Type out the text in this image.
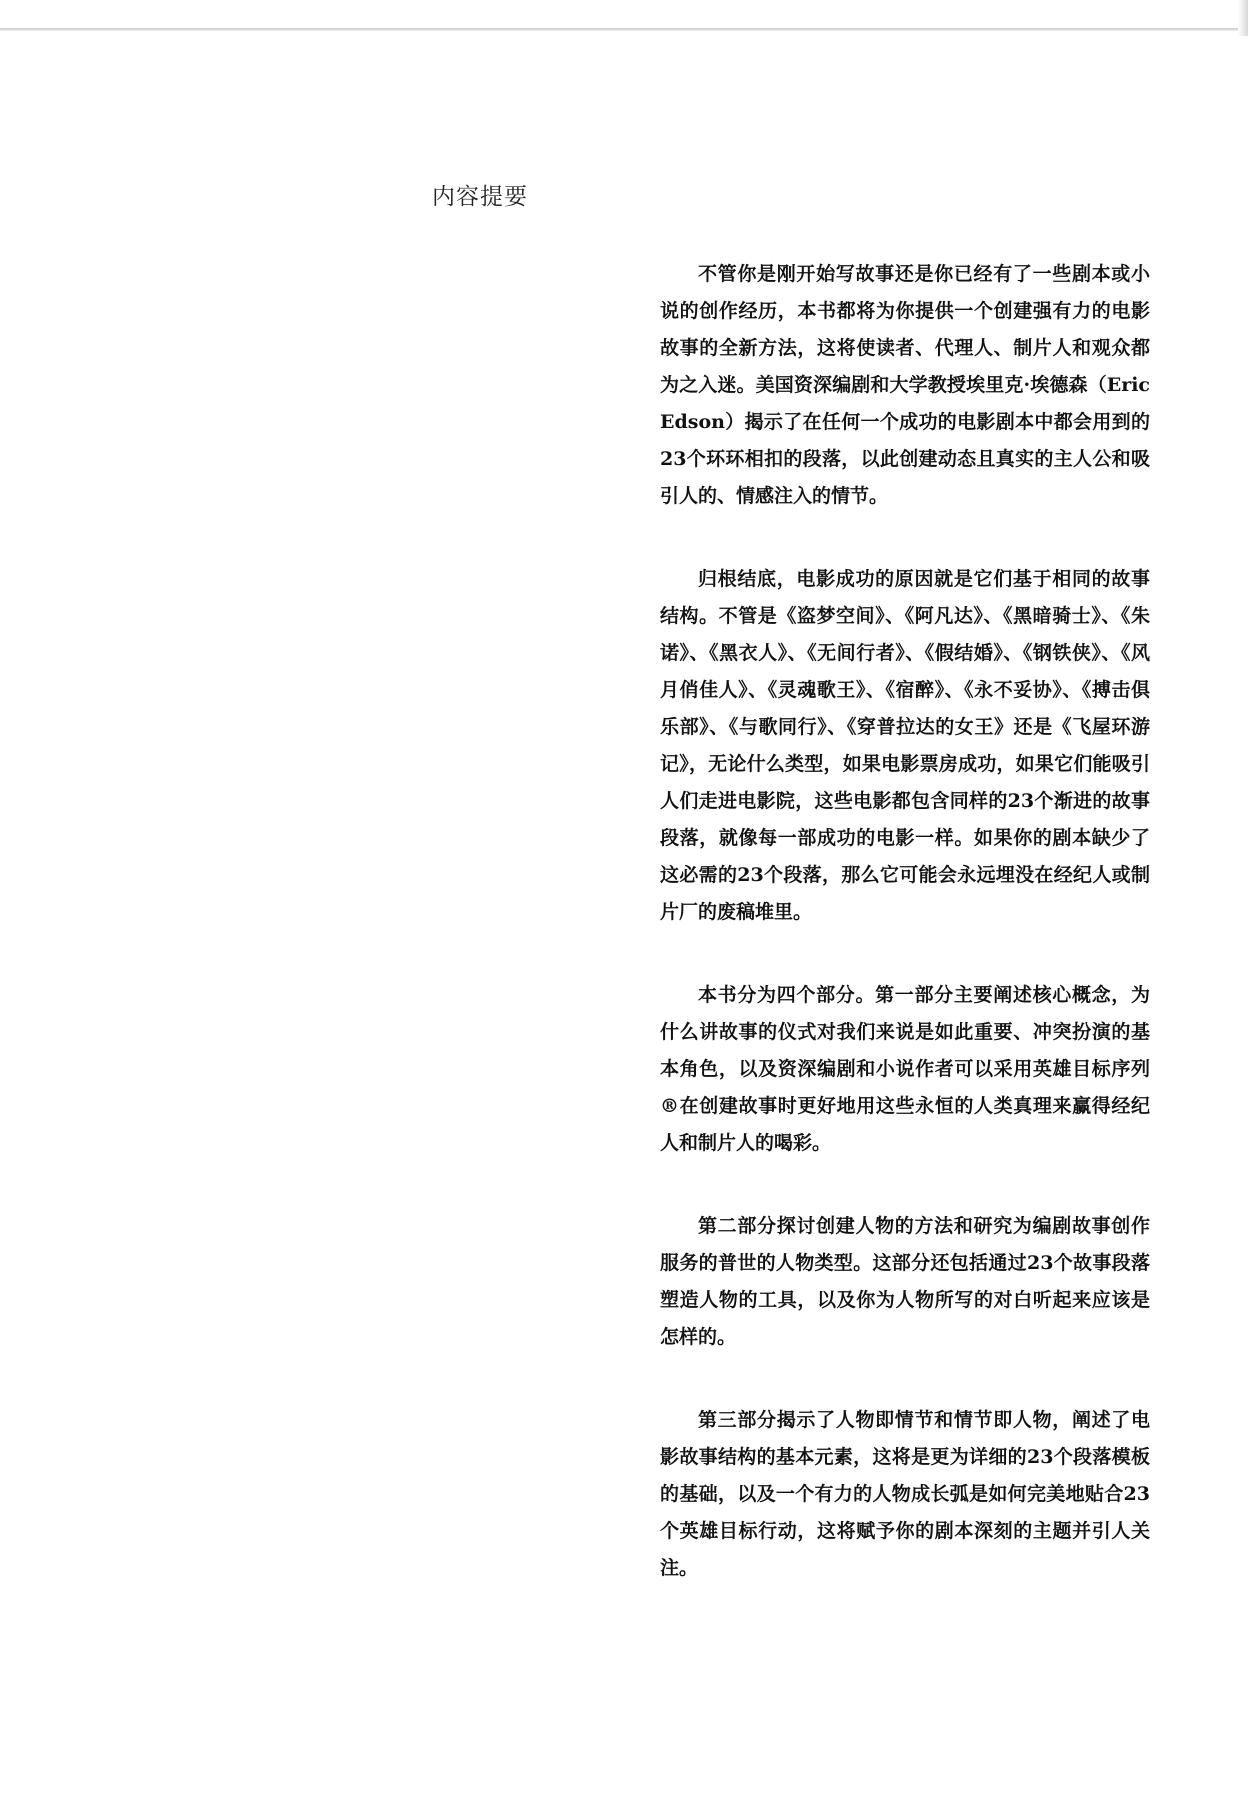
内容提要

不管你是刚开始写故事还是你已经有了一些剧本或小说的创作经历，本书都将为你提供一个创建强有力的电影故事的全新方法，这将使读者、代理人、制片人和观众都为之入迷。美国资深编剧和大学教授埃里克·埃德森（Eric Edson）揭示了在任何一个成功的电影剧本中都会用到的23个环环相扣的段落，以此创建动态且真实的主人公和吸引人的、情感注入的情节。

归根结底，电影成功的原因就是它们基于相同的故事结构。不管是《盗梦空间》、《阿凡达》、《黑暗骑士》、《朱诺》、《黑衣人》、《无间行者》、《假结婚》、《钢铁侠》、《风月俏佳人》、《灵魂歌王》、《宿醉》、《永不妥协》、《搏击俱乐部》、《与歌同行》、《穿普拉达的女王》还是《飞屋环游记》，无论什么类型，如果电影票房成功，如果它们能吸引人们走进电影院，这些电影都包含同样的23个渐进的故事段落，就像每一部成功的电影一样。如果你的剧本缺少了这必需的23个段落，那么它可能会永远埋没在经纪人或制片厂的废稿堆里。

本书分为四个部分。第一部分主要阐述核心概念，为什么讲故事的仪式对我们来说是如此重要、冲突扮演的基本角色，以及资深编剧和小说作者可以采用英雄目标序列®在创建故事时更好地用这些永恒的人类真理来赢得经纪人和制片人的喝彩。

第二部分探讨创建人物的方法和研究为编剧故事创作服务的普世的人物类型。这部分还包括通过23个故事段落塑造人物的工具，以及你为人物所写的对白听起来应该是怎样的。

第三部分揭示了人物即情节和情节即人物，阐述了电影故事结构的基本元素，这将是更为详细的23个段落模板的基础，以及一个有力的人物成长弧是如何完美地贴合23个英雄目标行动，这将赋予你的剧本深刻的主题并引人关注。
